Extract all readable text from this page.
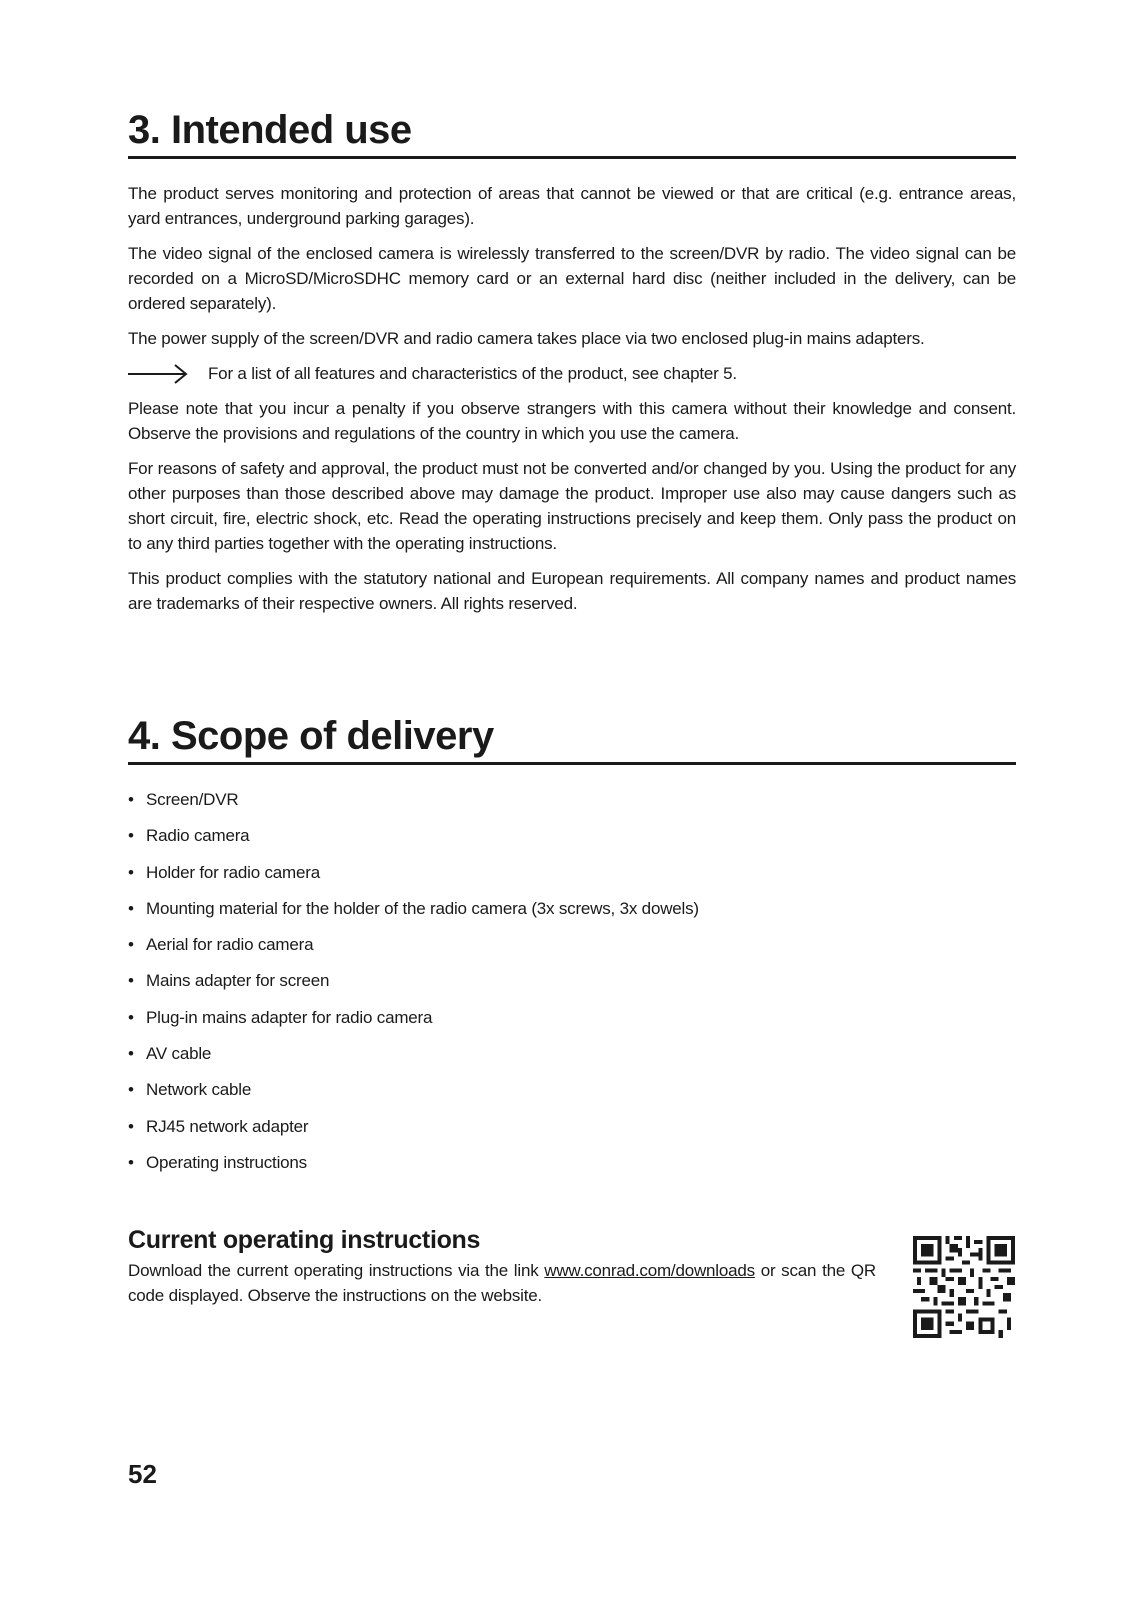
3. Intended use

The product serves monitoring and protection of areas that cannot be viewed or that are critical (e.g. entrance areas, yard entrances, underground parking garages).

The video signal of the enclosed camera is wirelessly transferred to the screen/DVR by radio. The video signal can be recorded on a MicroSD/MicroSDHC memory card or an external hard disc (neither included in the delivery, can be ordered separately).

The power supply of the screen/DVR and radio camera takes place via two enclosed plug-in mains adapters.

For a list of all features and characteristics of the product, see chapter 5.

Please note that you incur a penalty if you observe strangers with this camera without their knowledge and consent. Observe the provisions and regulations of the country in which you use the camera.

For reasons of safety and approval, the product must not be converted and/or changed by you. Using the product for any other purposes than those described above may damage the product. Improper use also may cause dangers such as short circuit, fire, electric shock, etc. Read the operating instructions precisely and keep them. Only pass the product on to any third parties together with the operating instructions.

This product complies with the statutory national and European requirements. All company names and product names are trademarks of their respective owners. All rights reserved.

4. Scope of delivery
• Screen/DVR
• Radio camera
• Holder for radio camera
• Mounting material for the holder of the radio camera (3x screws, 3x dowels)
• Aerial for radio camera
• Mains adapter for screen
• Plug-in mains adapter for radio camera
• AV cable
• Network cable
• RJ45 network adapter
• Operating instructions
Current operating instructions

Download the current operating instructions via the link www.conrad.com/downloads or scan the QR code displayed. Observe the instructions on the website.

52
